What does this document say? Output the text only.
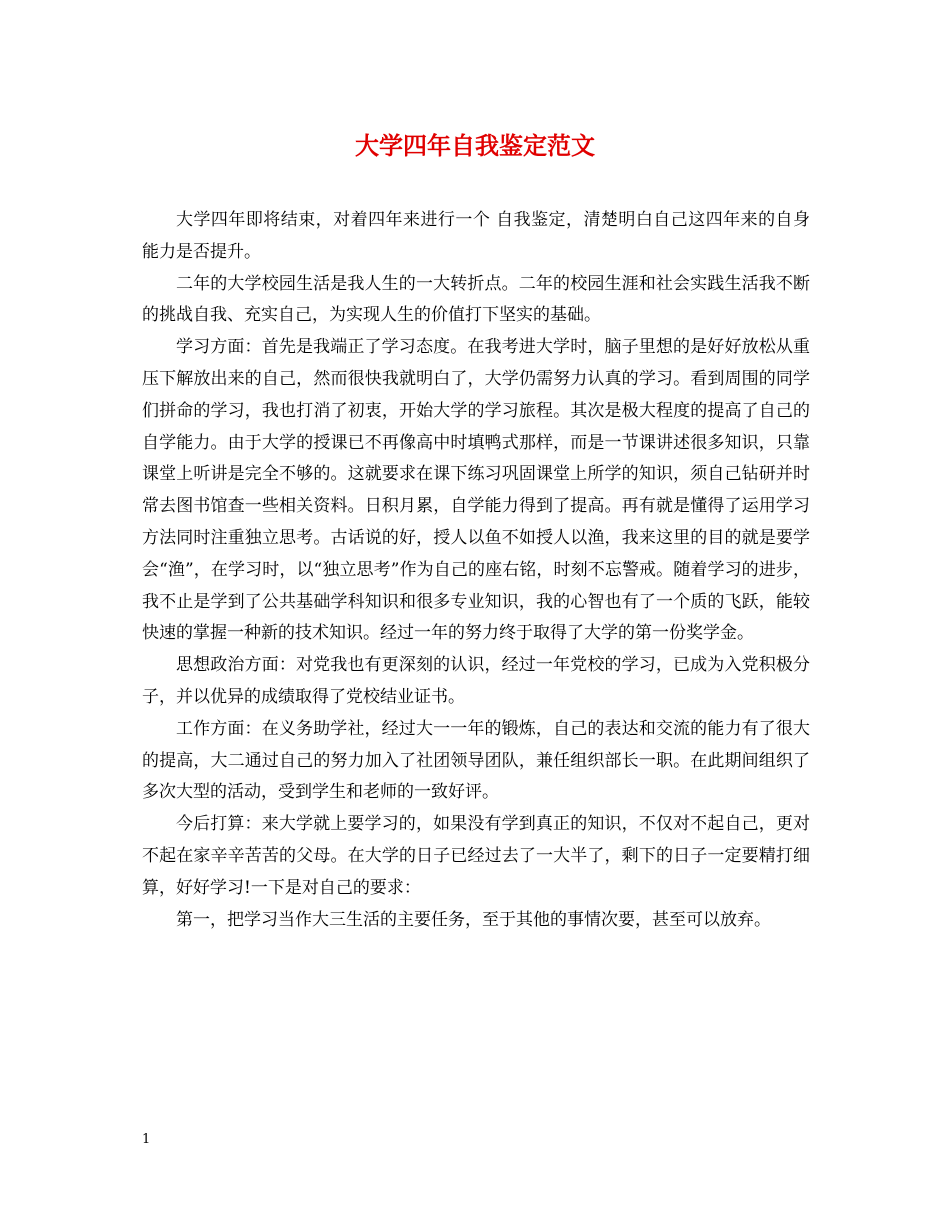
大学四年自我鉴定范文

大学四年即将结束，对着四年来进行一个 自我鉴定，清楚明白自己这四年来的自身能力是否提升。

二年的大学校园生活是我人生的一大转折点。二年的校园生涯和社会实践生活我不断的挑战自我、充实自己，为实现人生的价值打下坚实的基础。

学习方面：首先是我端正了学习态度。在我考进大学时，脑子里想的是好好放松从重压下解放出来的自己，然而很快我就明白了，大学仍需努力认真的学习。看到周围的同学们拼命的学习，我也打消了初衷，开始大学的学习旅程。其次是极大程度的提高了自己的自学能力。由于大学的授课已不再像高中时填鸭式那样，而是一节课讲述很多知识，只靠课堂上听讲是完全不够的。这就要求在课下练习巩固课堂上所学的知识，须自己钻研并时常去图书馆查一些相关资料。日积月累，自学能力得到了提高。再有就是懂得了运用学习方法同时注重独立思考。古话说的好，授人以鱼不如授人以渔，我来这里的目的就是要学会“渔”，在学习时，以“独立思考”作为自己的座右铭，时刻不忘警戒。随着学习的进步，我不止是学到了公共基础学科知识和很多专业知识，我的心智也有了一个质的飞跃，能较快速的掌握一种新的技术知识。经过一年的努力终于取得了大学的第一份奖学金。

思想政治方面：对党我也有更深刻的认识，经过一年党校的学习，已成为入党积极分子，并以优异的成绩取得了党校结业证书。

工作方面：在义务助学社，经过大一一年的锻炼，自己的表达和交流的能力有了很大的提高，大二通过自己的努力加入了社团领导团队，兼任组织部长一职。在此期间组织了多次大型的活动，受到学生和老师的一致好评。

今后打算：来大学就上要学习的，如果没有学到真正的知识，不仅对不起自己，更对不起在家辛辛苦苦的父母。在大学的日子已经过去了一大半了，剩下的日子一定要精打细算，好好学习!一下是对自己的要求：

第一，把学习当作大三生活的主要任务，至于其他的事情次要，甚至可以放弃。

1
